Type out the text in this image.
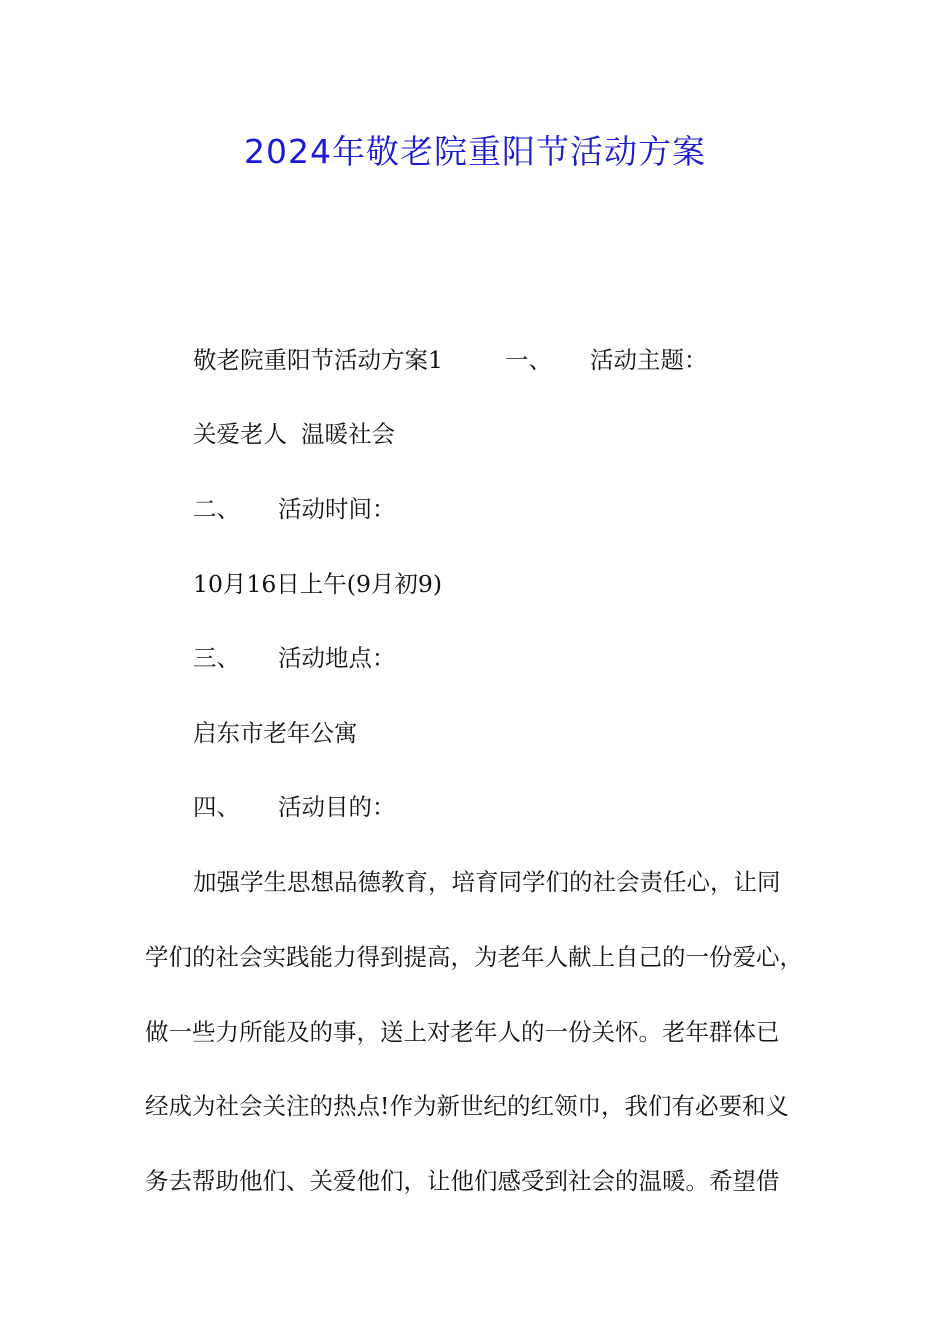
2024年敬老院重阳节活动方案
敬老院重阳节活动方案1	一、 活动主题：
关爱老人 温暖社会
二、 活动时间：
10月16日上午(9月初9)
三、 活动地点：
启东市老年公寓
四、 活动目的：
加强学生思想品德教育，培育同学们的社会责任心，让同
学们的社会实践能力得到提高，为老年人献上自己的一份爱心，
做一些力所能及的事，送上对老年人的一份关怀。老年群体已
经成为社会关注的热点!作为新世纪的红领巾，我们有必要和义
务去帮助他们、关爱他们，让他们感受到社会的温暖。希望借
